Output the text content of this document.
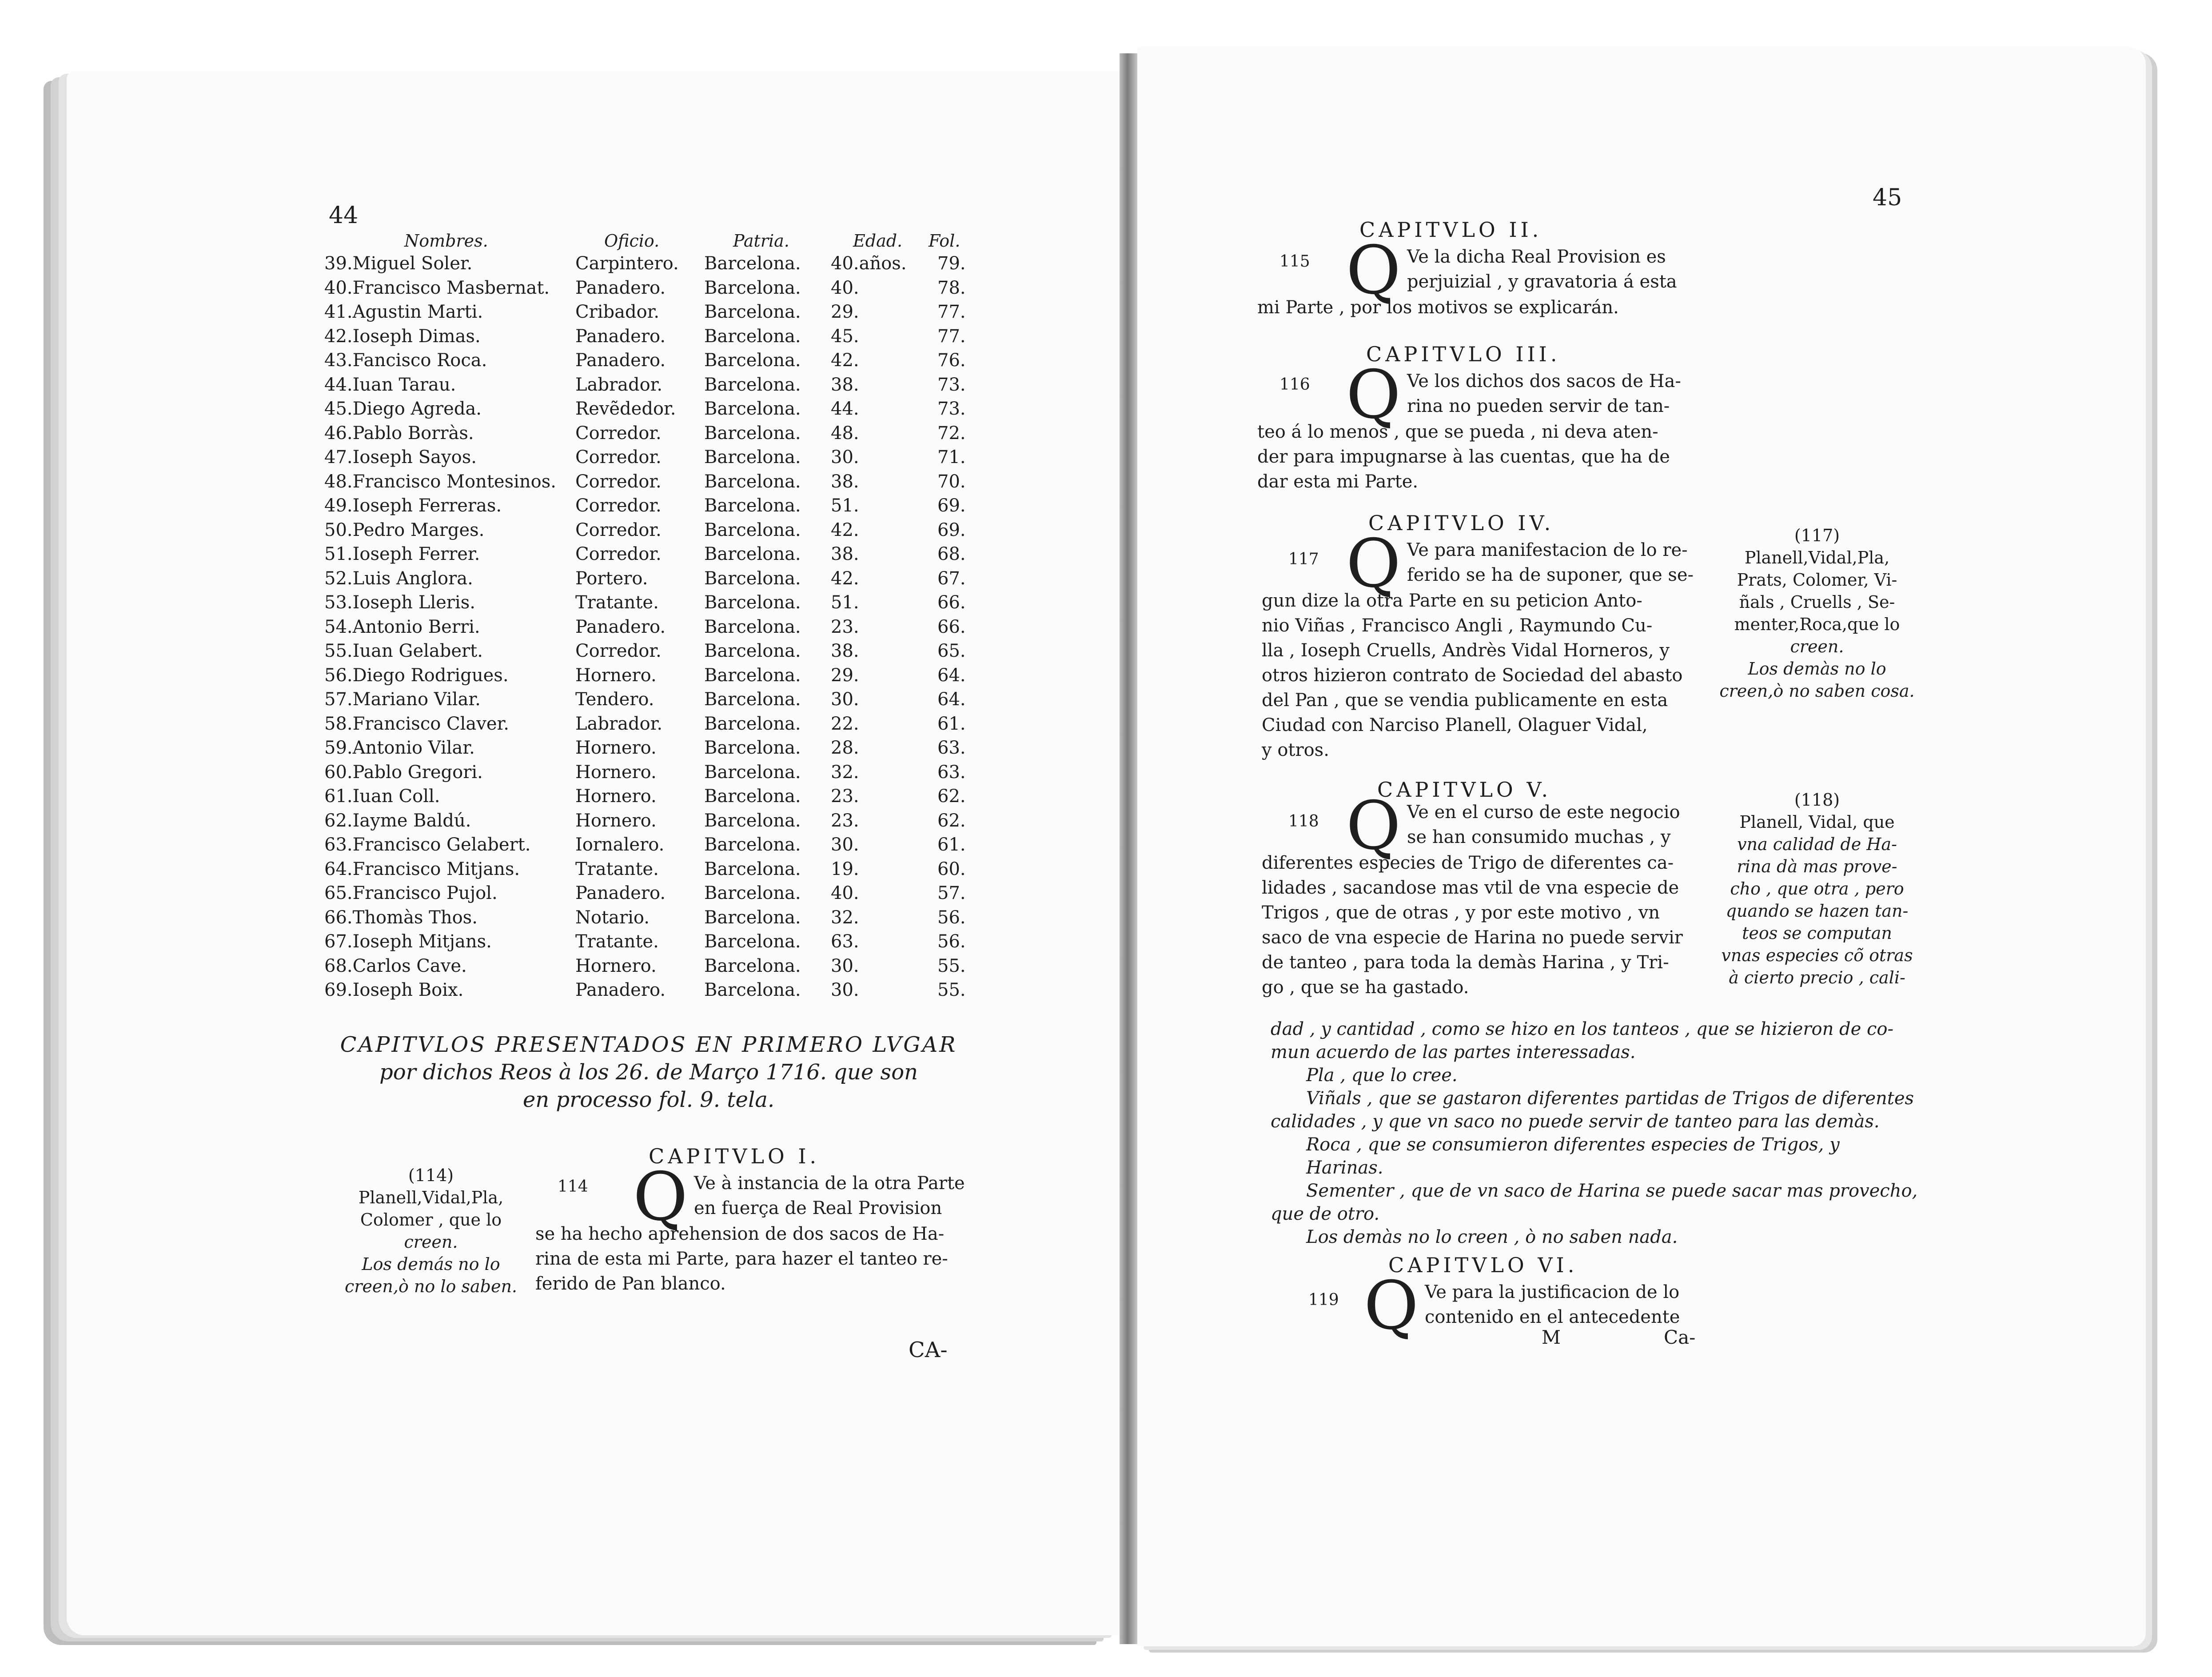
44
Nombres.	Oficio.	Patria.	Edad. Fol.
39.Miguel Soler.	Carpintero. Barcelona. 40.años. 79.
40.Francisco Masbernat. Panadero. Barcelona. 40.	78.
41.Agustin Marti.	Cribador.	Barcelona. 29.	77.
42.Ioseph Dimas.	Panadero. Barcelona. 45.	77.
43.Fancisco Roca.	Panadero. Barcelona. 42.	76.
44.Iuan Tarau.	Labrador. Barcelona. 38.	73.
45.Diego Agreda.	Revẽdedor. Barcelona. 44.	73.
46.Pablo Borràs.	Corredor. Barcelona. 48.	72.
47.Ioseph Sayos.	Corredor. Barcelona. 30.	71.
48.Francisco Montesinos. Corredor. Barcelona. 38.	70.
49.Ioseph Ferreras.	Corredor. Barcelona. 51.	69.
50.Pedro Marges.	Corredor. Barcelona. 42.	69.
51.Ioseph Ferrer.	Corredor. Barcelona. 38.	68.
52.Luis Anglora.	Portero.	Barcelona. 42.	67.
53.Ioseph Lleris.	Tratante.	Barcelona. 51.	66.
54.Antonio Berri.	Panadero. Barcelona. 23.	66.
55.Iuan Gelabert.	Corredor. Barcelona. 38.	65.
56.Diego Rodrigues.	Hornero.	Barcelona. 29.	64.
57.Mariano Vilar.	Tendero.	Barcelona. 30.	64.
58.Francisco Claver.	Labrador. Barcelona. 22.	61.
59.Antonio Vilar.	Hornero.	Barcelona. 28.	63.
60.Pablo Gregori.	Hornero.	Barcelona. 32.	63.
61.Iuan Coll.	Hornero.	Barcelona. 23.	62.
62.Iayme Baldú.	Hornero.	Barcelona. 23.	62.
63.Francisco Gelabert.	Iornalero. Barcelona. 30.	61.
64.Francisco Mitjans.	Tratante.	Barcelona. 19.	60.
65.Francisco Pujol.	Panadero. Barcelona. 40.	57.
66.Thomàs Thos.	Notario.	Barcelona. 32.	56.
67.Ioseph Mitjans.	Tratante.	Barcelona. 63.	56.
68.Carlos Cave.	Hornero.	Barcelona. 30.	55.
69.Ioseph Boix.	Panadero. Barcelona. 30.	55.
CAPITVLOS PRESENTADOS EN PRIMERO LVGAR
por dichos Reos à los 26. de Março 1716. que son
en processo fol. 9. tela.
CAPITVLO I.
114 Q Ve à instancia de la otra Parte
en fuerça de Real Provision
se ha hecho aprehension de dos sacos de Ha-
rina de esta mi Parte, para hazer el tanteo re-
ferido de Pan blanco.
(114)
Planell,Vidal,Pla,
Colomer , que lo
creen.
Los demás no lo
creen,ò no lo saben.
CA-
45
CAPITVLO II.
115 Q Ve la dicha Real Provision es
perjuizial , y gravatoria á esta
mi Parte , por los motivos se explicarán.
CAPITVLO III.
116 Q Ve los dichos dos sacos de Ha-
rina no pueden servir de tan-
teo á lo menos , que se pueda , ni deva aten-
der para impugnarse à las cuentas, que ha de
dar esta mi Parte.
CAPITVLO IV.
117 Q Ve para manifestacion de lo re-
ferido se ha de suponer, que se-
gun dize la otra Parte en su peticion Anto-
nio Viñas , Francisco Angli , Raymundo Cu-
lla , Ioseph Cruells, Andrès Vidal Horneros, y
otros hizieron contrato de Sociedad del abasto
del Pan , que se vendia publicamente en esta
Ciudad con Narciso Planell, Olaguer Vidal,
y otros.
(117)
Planell,Vidal,Pla,
Prats, Colomer, Vi-
ñals , Cruells , Se-
menter,Roca,que lo
creen.
Los demàs no lo
creen,ò no saben cosa.
CAPITVLO V.
118 Q Ve en el curso de este negocio
se han consumido muchas , y
diferentes especies de Trigo de diferentes ca-
lidades , sacandose mas vtil de vna especie de
Trigos , que de otras , y por este motivo , vn
saco de vna especie de Harina no puede servir
de tanteo , para toda la demàs Harina , y Tri-
go , que se ha gastado.
(118)
Planell, Vidal, que
vna calidad de Ha-
rina dà mas prove-
cho , que otra , pero
quando se hazen tan-
teos se computan
vnas especies cõ otras
à cierto precio , cali-
dad , y cantidad , como se hizo en los tanteos , que se hizieron de co-
mun acuerdo de las partes interessadas.
Pla , que lo cree.
Viñals , que se gastaron diferentes partidas de Trigos de diferentes
calidades , y que vn saco no puede servir de tanteo para las demàs.
Roca , que se consumieron diferentes especies de Trigos, y Harinas.
Sementer , que de vn saco de Harina se puede sacar mas provecho,
que de otro.
Los demàs no lo creen , ò no saben nada.
CAPITVLO VI.
119 Q Ve para la justificacion de lo
contenido en el antecedente
M	Ca-
